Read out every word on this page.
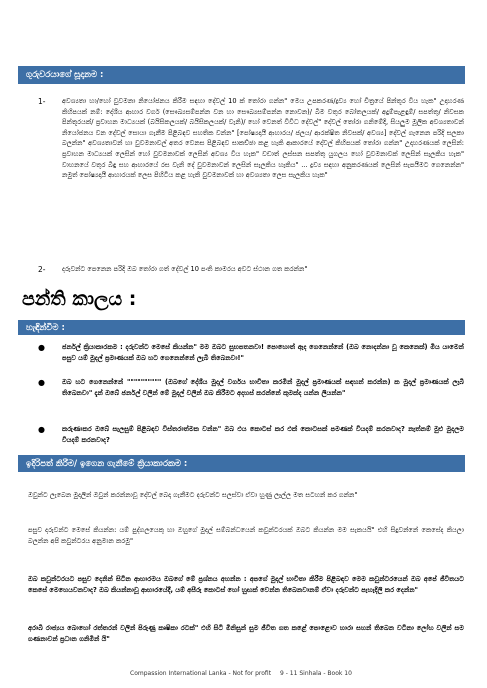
ගුරුවරයාගේ සූදානම :
1-	අවශ්‍යතා හා/හෝ වුවමනා නියෝජනය කිරීම සඳහා දේවල් 10 ක් තෝරා ගන්න" මෙය උපකරණ/ද්‍රව්‍ය හෝ චිත්‍රයේ පින්තූර විය හැක" උදාහරණ කිහිපයක් නම්: දේශීය ආහාර වර්ග (සෞඛ්‍යසම්පන්න වන හා සෞඛ්‍යසම්පන්න නොවන)/ බීම වතුර බෝතලයක්/ අදුම්පැළඳුම්/ සපත්තු/ නිවසක පින්තූරයක්/ ප්‍රවාහන මාධ්‍යයක් (බයිසිකලයක්/ බයිසිකලයක්/ වැනි)/ හෝ වෙනත් විවිධ දේවල්" දේවල් තෝරා ගනිමේදි, සියලුම මූලික අවශ්‍යතාවන් නියෝජනය වන දේවල් සොයා ගැනීම පිළිබඳව සහතික වන්න" [පෝෂ්‍යදායී ආහාරය/ ජලය/ ආරක්ෂිත නිවසක්/ අවශ්‍ය] දේවල් ගැනෙන පරිදි සලකා බලන්න" අවශ්‍යතාවන් හා වුවමනාවල් අතර වෙනස පිළිබඳව සාකච්ඡා කළ හැකි ආකාරයේ දේවල් කිහිපයක් තෝරා ගන්න" උදාහරණයක් ලෙසින්: ප්‍රවාහන මාධ්‍යයක් ලෙසින් හෝ වුවමනාවක් ලෙසින් අවශ්‍ය විය හැක" වඩාත් ලස්සන සපත්තු යුගලය හෝ වුවමනාවක් ලෙසින් සැලකිය හැක" වාහනයේ වතුර බිඳු සහ ආහාරයේ රස වැනි දේ වුවමනාවන් ලෙසින් සැලකිය හැකිය" ... ද්‍රව්‍ය සඳහා අනුකරණයක් ලෙසින් සැපයීමට ගෙනෙන්න" නමුත් පෝෂ්‍යදායී ආහාරයක් ලෙස පිහිටිය කළ හැකි වුවමනාවක් හා අවශ්‍යතා ලෙස සැලකිය හැක"
2-	දරුවන්ට පෙනෙන පරිදි ඔබ තෝරා ගත් දේවල් 10 පංති කාමරය අවට ස්ථාන ගත කරන්න"
පන්ති කාලය :
හැඳින්වීම :
●	ජර්නල් ක්‍රියාකාරකම : දරුවන්ට මෙසේ කියන්න" මම ඔබට සුභපතනවා! පොහොත් ඇද ගෙනෙන්නේ (ඔබ නොදන්නා වූ කෙනෙක්) මිය යාමෙන් පසුව යම් මුදල් ප්‍රමාණයක් ඔබ හට ගෙනෙන්නේ ලැබී තිබෙනවා!"
●	ඔබ හට ගෙනෙන්නේ """""""""" (ඔබගේ දේශීය මුදල් වර්ගය භාවිතා කරමින් මුදල් ප්‍රමාණයක් සඳහන් කරන්න) ක මුදල් ප්‍රමාණයක් ලැබී තිබෙනවා" දැන් ඔබේ ජර්නල් වලින් මේ මුදල් වලින් ඔබ කිරීමට අදහස් කරන්නේ කුමක්ද යන්න ලියන්න"
●	කරුණාකර ඔබේ සැලසුම් පිළිබඳව විස්තරාත්මක වන්න" ඔබ එය කොටස් කර එක් කොටසක් පමණක් වියදම් කරනවාද? නැත්නම් මුළු මුදලම වියදම් කරනවාද?
ඉදිරිපත් කිරීම/ ඉගෙන ගැනීමේ ක්‍රියාකාරකම :
ඔවුන්ට ලැබෙන මුදලින් ඔවුන් කරන්නාවූ දේවල් බෙදා ගැනීමට දරුවන්ට සලස්වා ඒවා හුණු ලෑල්ල මත සටහන් කර ගන්න"
පසුව දරුවන්ට මෙසේ කියන්න: යම් පුද්ගලයෙකු හා ඔහුගේ මුදල් සම්බන්ධයෙන් කවුන්ටරයක් ඔබට කියන්න මම සැකයයි" එහි සිදුවන්නේ කෙසේද කියලා බලන්න අපි කවුන්ටරය අනුමාන කරමු"
ඔබ කවුන්ටරයට පසුව දෙනින් සිටින ආහාරමය ඔබගේ මේ ප්‍රශ්නය අහන්න : අපගේ මුදල් භාවිතා කිරීම පිළිබඳව මෙම කවුන්ටරයෙන් ඔබ අපේ ජීවිතයට කෙසේ මෙහෙයවනවාද? ඔබ කියන්නාවූ ආභාරයේදී, යම් අසීරු කොටස් හෝ හුඟක් වෙන්න තිබෙනවානම් ඒවා දරුවන්ට පැහැදිලි කර දෙන්න"
අරාබි රාජ්‍යය බොහෝ රත්තරන් වලින් පිරුණු කෘෂිකා රටක්" එහි සිටි මිනිසුන් සුම ජීවිත ගත කළේ පොළොව හාරා සහන් තිබෙන වටිනා ලෝහ වලින් සම ගණනාවන් ප්‍රධාන ගනිමින් යි"
Compassion International Lanka - Not for profit 9 - 11 Sinhala - Book 10
